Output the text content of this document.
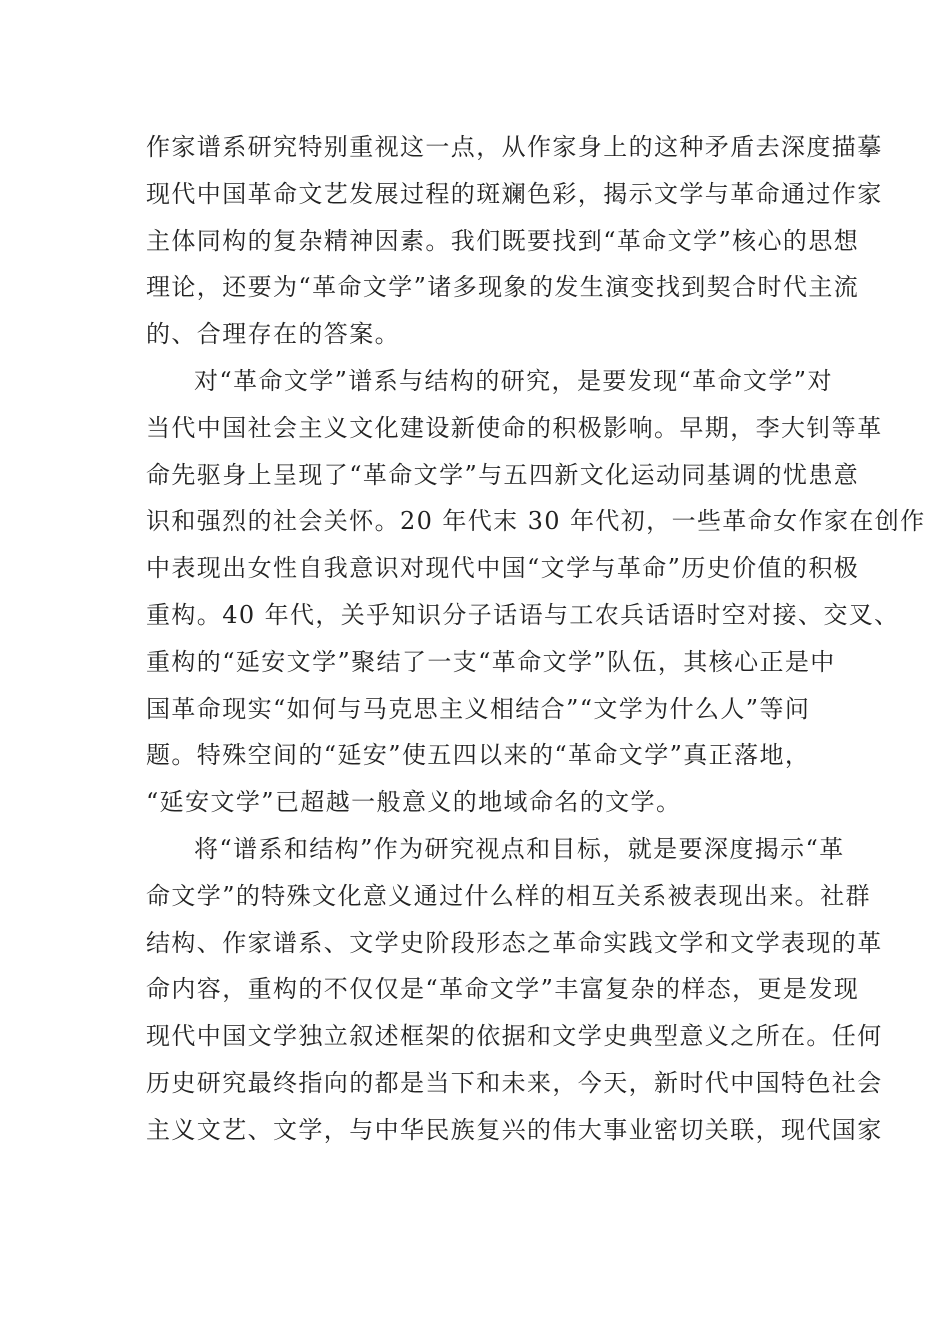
作家谱系研究特别重视这一点，从作家身上的这种矛盾去深度描摹
现代中国革命文艺发展过程的斑斓色彩，揭示文学与革命通过作家
主体同构的复杂精神因素。我们既要找到“革命文学”核心的思想
理论，还要为“革命文学”诸多现象的发生演变找到契合时代主流
的、合理存在的答案。
对“革命文学”谱系与结构的研究，是要发现“革命文学”对
当代中国社会主义文化建设新使命的积极影响。早期，李大钊等革
命先驱身上呈现了“革命文学”与五四新文化运动同基调的忧患意
识和强烈的社会关怀。20 年代末 30 年代初，一些革命女作家在创作
中表现出女性自我意识对现代中国“文学与革命”历史价值的积极
重构。40 年代，关乎知识分子话语与工农兵话语时空对接、交叉、
重构的“延安文学”聚结了一支“革命文学”队伍，其核心正是中
国革命现实“如何与马克思主义相结合”“文学为什么人”等问
题。特殊空间的“延安”使五四以来的“革命文学”真正落地，
“延安文学”已超越一般意义的地域命名的文学。
将“谱系和结构”作为研究视点和目标，就是要深度揭示“革
命文学”的特殊文化意义通过什么样的相互关系被表现出来。社群
结构、作家谱系、文学史阶段形态之革命实践文学和文学表现的革
命内容，重构的不仅仅是“革命文学”丰富复杂的样态，更是发现
现代中国文学独立叙述框架的依据和文学史典型意义之所在。任何
历史研究最终指向的都是当下和未来，今天，新时代中国特色社会
主义文艺、文学，与中华民族复兴的伟大事业密切关联，现代国家
